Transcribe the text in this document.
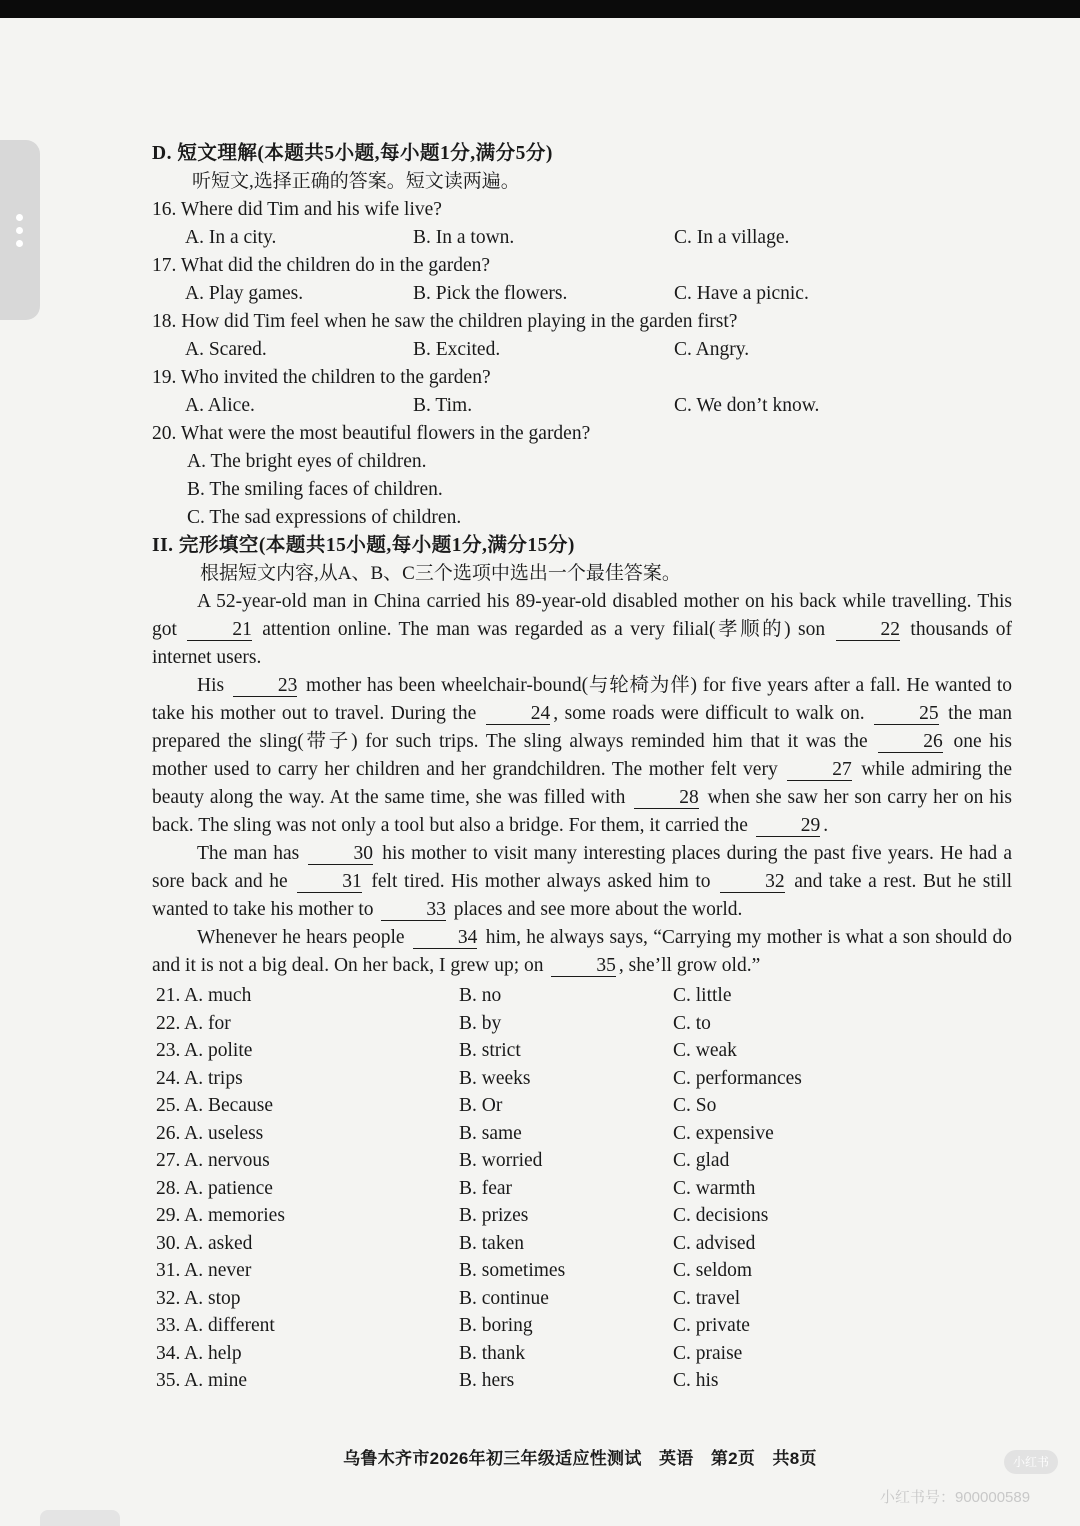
D. 短文理解(本题共5小题,每小题1分,满分5分)
听短文,选择正确的答案。短文读两遍。
16. Where did Tim and his wife live?
A. In a city.	B. In a town.	C. In a village.
17. What did the children do in the garden?
A. Play games.	B. Pick the flowers.	C. Have a picnic.
18. How did Tim feel when he saw the children playing in the garden first?
A. Scared.	B. Excited.	C. Angry.
19. Who invited the children to the garden?
A. Alice.	B. Tim.	C. We don’t know.
20. What were the most beautiful flowers in the garden?
A. The bright eyes of children.
B. The smiling faces of children.
C. The sad expressions of children.
II. 完形填空(本题共15小题,每小题1分,满分15分)
根据短文内容,从A、B、C三个选项中选出一个最佳答案。

A 52-year-old man in China carried his 89-year-old disabled mother on his back while travelling. This got	21 attention online. The man was regarded as a very filial(孝顺的) son	22 thousands of internet users.

His	23 mother has been wheelchair-bound(与轮椅为伴) for five years after a fall. He wanted to take his mother out to travel. During the	24 , some roads were difficult to walk on.	25 the man prepared the sling(带子) for such trips. The sling always reminded him that it was the	26 one his mother used to carry her children and her grandchildren. The mother felt very	27 while admiring the beauty along the way. At the same time, she was filled with	28 when she saw her son carry her on his back. The sling was not only a tool but also a bridge. For them, it carried the	29 .

The man has	30 his mother to visit many interesting places during the past five years. He had a sore back and he	31 felt tired. His mother always asked him to	32 and take a rest. But he still wanted to take his mother to	33 places and see more about the world.

Whenever he hears people	34 him, he always says, “Carrying my mother is what a son should do and it is not a big deal. On her back, I grew up; on	35 , she’ll grow old.”

21. A. much	B. no	C. little
22. A. for	B. by	C. to
23. A. polite	B. strict	C. weak
24. A. trips	B. weeks	C. performances
25. A. Because	B. Or	C. So
26. A. useless	B. same	C. expensive
27. A. nervous	B. worried	C. glad
28. A. patience	B. fear	C. warmth
29. A. memories	B. prizes	C. decisions
30. A. asked	B. taken	C. advised
31. A. never	B. sometimes	C. seldom
32. A. stop	B. continue	C. travel
33. A. different	B. boring	C. private
34. A. help	B. thank	C. praise
35. A. mine	B. hers	C. his
乌鲁木齐市2026年初三年级适应性测试　英语　第2页　共8页	小红书
小红书号：900000589
